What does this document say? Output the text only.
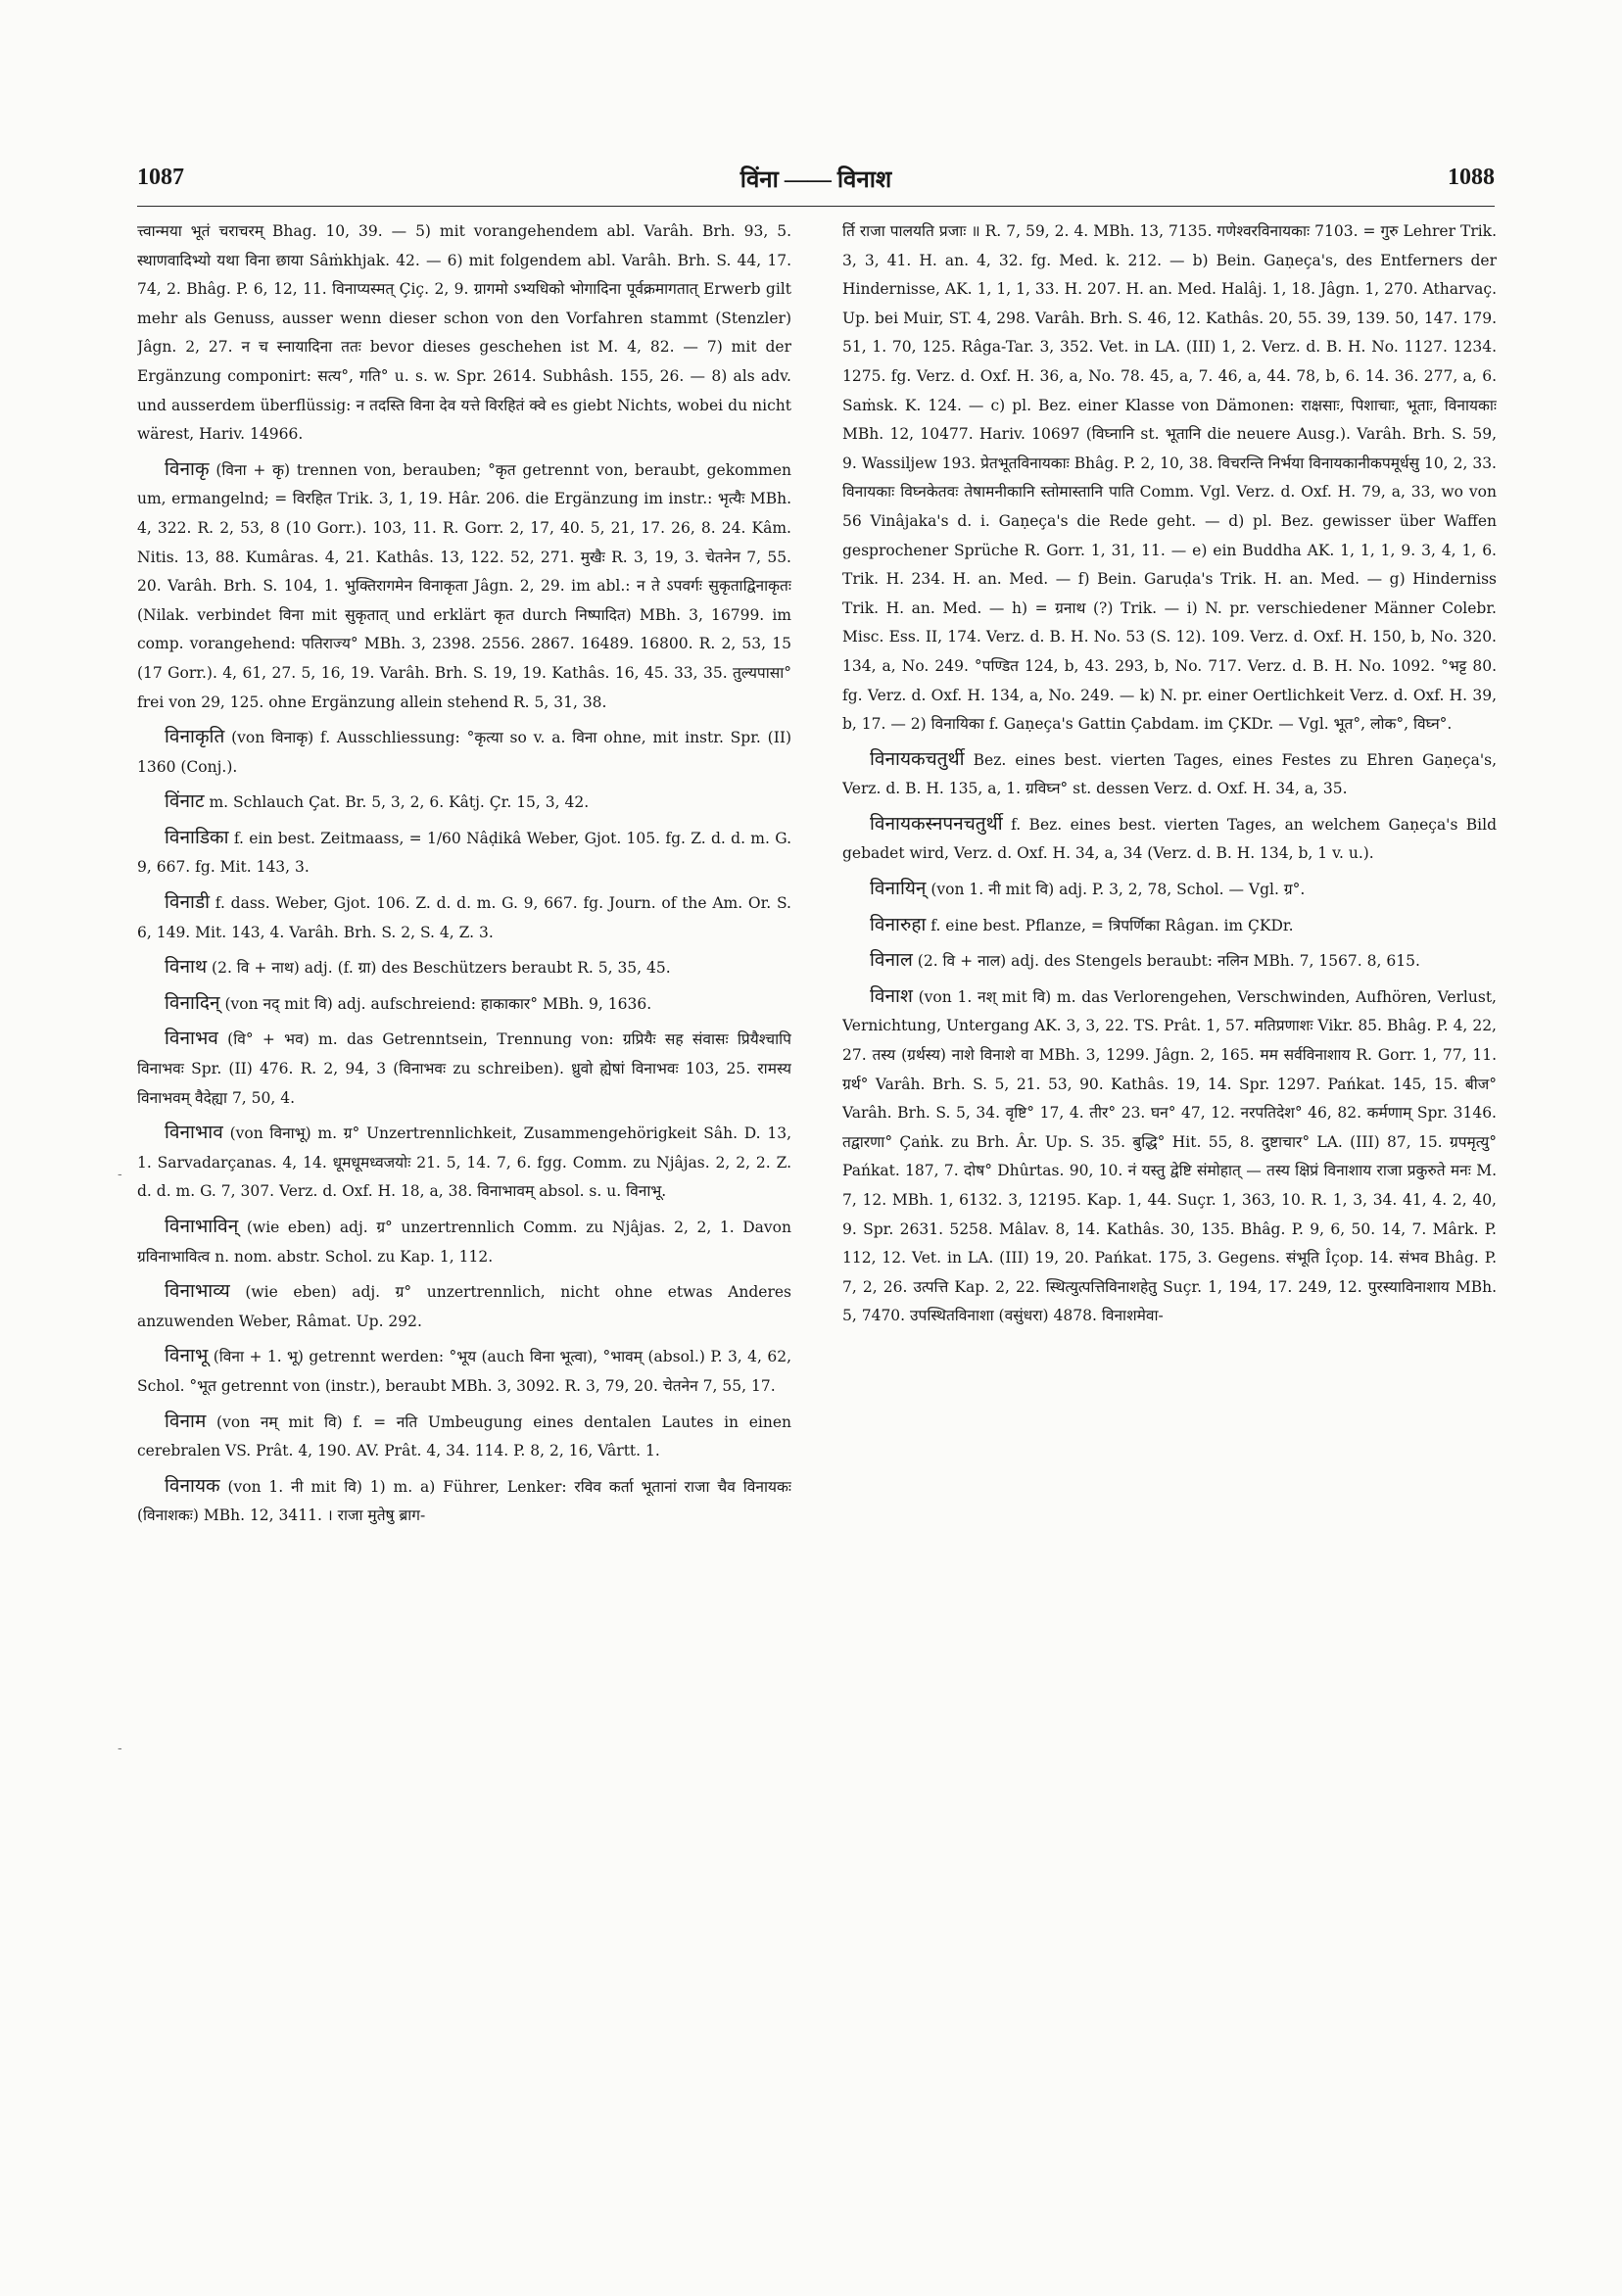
1087	विंना —— विनाश	1088

त्त्वान्मया भूतं चराचरम् Bhag. 10, 39. — 5) mit vorangehendem abl. Varâh. Brh. 93, 5. स्थाणवादिभ्यो यथा विना छाया Sâṁkhjak. 42. — 6) mit folgendem abl. Varâh. Brh. S. 44, 17. 74, 2. Bhâg. P. 6, 12, 11. विनाप्यस्मत् Çiç. 2, 9. ग्रागमो ऽभ्यधिको भोगादिना पूर्वक्रमागतात् Erwerb gilt mehr als Genuss, ausser wenn dieser schon von den Vorfahren stammt (Stenzler) Jâgn. 2, 27. न च स्नायादिना ततः bevor dieses geschehen ist M. 4, 82. — 7) mit der Ergänzung componirt: सत्य°, गति° u. s. w. Spr. 2614. Subhâsh. 155, 26. — 8) als adv. und ausserdem überflüssig: न तदस्ति विना देव यत्ते विरहितं क्वे es giebt Nichts, wobei du nicht wärest, Hariv. 14966.

विनाकृ (विना + कृ) trennen von, berauben; °कृत getrennt von, beraubt, gekommen um, ermangelnd; = विरहित Trik. 3, 1, 19. Hâr. 206. die Ergänzung im instr.: भृत्यैः MBh. 4, 322. R. 2, 53, 8 (10 Gorr.). 103, 11. R. Gorr. 2, 17, 40. 5, 21, 17. 26, 8. 24. Kâm. Nitis. 13, 88. Kumâras. 4, 21. Kathâs. 13, 122. 52, 271. मुखैः R. 3, 19, 3. चेतनेन 7, 55. 20. Varâh. Brh. S. 104, 1. भुक्तिरागमेन विनाकृता Jâgn. 2, 29. im abl.: न ते ऽपवर्गः सुकृताद्विनाकृतः (Nilak. verbindet विना mit सुकृतात् und erklärt कृत durch निष्पादित) MBh. 3, 16799. im comp. vorangehend: पतिराज्य° MBh. 3, 2398. 2556. 2867. 16489. 16800. R. 2, 53, 15 (17 Gorr.). 4, 61, 27. 5, 16, 19. Varâh. Brh. S. 19, 19. Kathâs. 16, 45. 33, 35. तुल्यपासा° frei von 29, 125. ohne Ergänzung allein stehend R. 5, 31, 38.

विनाकृति (von विनाकृ) f. Ausschliessung: °कृत्या so v. a. विना ohne, mit instr. Spr. (II) 1360 (Conj.).

विंनाट m. Schlauch Çat. Br. 5, 3, 2, 6. Kâtj. Çr. 15, 3, 42.

विनाडिका f. ein best. Zeitmaass, = 1/60 Nâḍikâ Weber, Gjot. 105. fg. Z. d. d. m. G. 9, 667. fg. Mit. 143, 3.

विनाडी f. dass. Weber, Gjot. 106. Z. d. d. m. G. 9, 667. fg. Journ. of the Am. Or. S. 6, 149. Mit. 143, 4. Varâh. Brh. S. 2, S. 4, Z. 3.

विनाथ (2. वि + नाथ) adj. (f. ग्रा) des Beschützers beraubt R. 5, 35, 45.

विनादिन् (von नद् mit वि) adj. aufschreiend: हाकाकार° MBh. 9, 1636.

विनाभव (वि° + भव) m. das Getrenntsein, Trennung von: ग्रप्रियैः सह संवासः प्रियैश्चापि विनाभवः Spr. (II) 476. R. 2, 94, 3 (विनाभवः zu schreiben). ध्रुवो ह्येषां विनाभवः 103, 25. रामस्य विनाभवम् वैदेह्या 7, 50, 4.

विनाभाव (von विनाभू) m. ग्र° Unzertrennlichkeit, Zusammengehörigkeit Sâh. D. 13, 1. Sarvadarçanas. 4, 14. धूमधूमध्वजयोः 21. 5, 14. 7, 6. fgg. Comm. zu Njâjas. 2, 2, 2. Z. d. d. m. G. 7, 307. Verz. d. Oxf. H. 18, a, 38. विनाभावम् absol. s. u. विनाभू.

विनाभाविन् (wie eben) adj. ग्र° unzertrennlich Comm. zu Njâjas. 2, 2, 1. Davon ग्रविनाभावित्व n. nom. abstr. Schol. zu Kap. 1, 112.

विनाभाव्य (wie eben) adj. ग्र° unzertrennlich, nicht ohne etwas Anderes anzuwenden Weber, Râmat. Up. 292.

विनाभू (विना + 1. भू) getrennt werden: °भूय (auch विना भूत्वा), °भावम् (absol.) P. 3, 4, 62, Schol. °भूत getrennt von (instr.), beraubt MBh. 3, 3092. R. 3, 79, 20. चेतनेन 7, 55, 17.

विनाम (von नम् mit वि) f. = नति Umbeugung eines dentalen Lautes in einen cerebralen VS. Prât. 4, 190. AV. Prât. 4, 34. 114. P. 8, 2, 16, Vârtt. 1.

विनायक (von 1. नी mit वि) 1) m. a) Führer, Lenker: रविव कर्ता भूतानां राजा चैव विनायकः (विनाशकः) MBh. 12, 3411. । राजा मुतेषु ब्राग-

र्ति राजा पालयति प्रजाः ॥ R. 7, 59, 2. 4. MBh. 13, 7135. गणेश्वरविनायकाः 7103. = गुरु Lehrer Trik. 3, 3, 41. H. an. 4, 32. fg. Med. k. 212. — b) Bein. Gaṇeça's, des Entferners der Hindernisse, AK. 1, 1, 1, 33. H. 207. H. an. Med. Halâj. 1, 18. Jâgn. 1, 270. Atharvaç. Up. bei Muir, ST. 4, 298. Varâh. Brh. S. 46, 12. Kathâs. 20, 55. 39, 139. 50, 147. 179. 51, 1. 70, 125. Râga-Tar. 3, 352. Vet. in LA. (III) 1, 2. Verz. d. B. H. No. 1127. 1234. 1275. fg. Verz. d. Oxf. H. 36, a, No. 78. 45, a, 7. 46, a, 44. 78, b, 6. 14. 36. 277, a, 6. Saṁsk. K. 124. — c) pl. Bez. einer Klasse von Dämonen: राक्षसाः, पिशाचाः, भूताः, विनायकाः MBh. 12, 10477. Hariv. 10697 (विघ्नानि st. भूतानि die neuere Ausg.). Varâh. Brh. S. 59, 9. Wassiljew 193. प्रेतभूतविनायकाः Bhâg. P. 2, 10, 38. विचरन्ति निर्भया विनायकानीकपमूर्धसु 10, 2, 33. विनायकाः विघ्नकेतवः तेषामनीकानि स्तोमास्तानि पाति Comm. Vgl. Verz. d. Oxf. H. 79, a, 33, wo von 56 Vinâjaka's d. i. Gaṇeça's die Rede geht. — d) pl. Bez. gewisser über Waffen gesprochener Sprüche R. Gorr. 1, 31, 11. — e) ein Buddha AK. 1, 1, 1, 9. 3, 4, 1, 6. Trik. H. 234. H. an. Med. — f) Bein. Garuḍa's Trik. H. an. Med. — g) Hinderniss Trik. H. an. Med. — h) = ग्रनाथ (?) Trik. — i) N. pr. verschiedener Männer Colebr. Misc. Ess. II, 174. Verz. d. B. H. No. 53 (S. 12). 109. Verz. d. Oxf. H. 150, b, No. 320. 134, a, No. 249. °पण्डित 124, b, 43. 293, b, No. 717. Verz. d. B. H. No. 1092. °भट्ट 80. fg. Verz. d. Oxf. H. 134, a, No. 249. — k) N. pr. einer Oertlichkeit Verz. d. Oxf. H. 39, b, 17. — 2) विनायिका f. Gaṇeça's Gattin Çabdam. im ÇKDr. — Vgl. भूत°, लोक°, विघ्न°.

विनायकचतुर्थी Bez. eines best. vierten Tages, eines Festes zu Ehren Gaṇeça's, Verz. d. B. H. 135, a, 1. ग्रविघ्न° st. dessen Verz. d. Oxf. H. 34, a, 35.

विनायकस्नपनचतुर्थी f. Bez. eines best. vierten Tages, an welchem Gaṇeça's Bild gebadet wird, Verz. d. Oxf. H. 34, a, 34 (Verz. d. B. H. 134, b, 1 v. u.).

विनायिन् (von 1. नी mit वि) adj. P. 3, 2, 78, Schol. — Vgl. ग्र°.

विनारुहा f. eine best. Pflanze, = त्रिपर्णिका Râgan. im ÇKDr.

विनाल (2. वि + नाल) adj. des Stengels beraubt: नलिन MBh. 7, 1567. 8, 615.

विनाश (von 1. नश् mit वि) m. das Verlorengehen, Verschwinden, Aufhören, Verlust, Vernichtung, Untergang AK. 3, 3, 22. TS. Prât. 1, 57. मतिप्रणाशः Vikr. 85. Bhâg. P. 4, 22, 27. तस्य (ग्रर्थस्य) नाशे विनाशे वा MBh. 3, 1299. Jâgn. 2, 165. मम सर्वविनाशाय R. Gorr. 1, 77, 11. ग्रर्थ° Varâh. Brh. S. 5, 21. 53, 90. Kathâs. 19, 14. Spr. 1297. Pańkat. 145, 15. बीज° Varâh. Brh. S. 5, 34. वृष्टि° 17, 4. तीर° 23. घन° 47, 12. नरपतिदेश° 46, 82. कर्मणाम् Spr. 3146. तद्वारणा° Çaṅk. zu Brh. Âr. Up. S. 35. बुद्धि° Hit. 55, 8. दुष्टाचार° LA. (III) 87, 15. ग्रपमृत्यु° Pańkat. 187, 7. दोष° Dhûrtas. 90, 10. नं यस्तु द्वेष्टि संमोहात् — तस्य क्षिप्रं विनाशाय राजा प्रकुरुते मनः M. 7, 12. MBh. 1, 6132. 3, 12195. Kap. 1, 44. Suçr. 1, 363, 10. R. 1, 3, 34. 41, 4. 2, 40, 9. Spr. 2631. 5258. Mâlav. 8, 14. Kathâs. 30, 135. Bhâg. P. 9, 6, 50. 14, 7. Mârk. P. 112, 12. Vet. in LA. (III) 19, 20. Pańkat. 175, 3. Gegens. संभूति Îçop. 14. संभव Bhâg. P. 7, 2, 26. उत्पत्ति Kap. 2, 22. स्थित्युत्पत्तिविनाशहेतु Suçr. 1, 194, 17. 249, 12. पुरस्याविनाशाय MBh. 5, 7470. उपस्थितविनाशा (वसुंधरा) 4878. विनाशमेवा-

-
-
